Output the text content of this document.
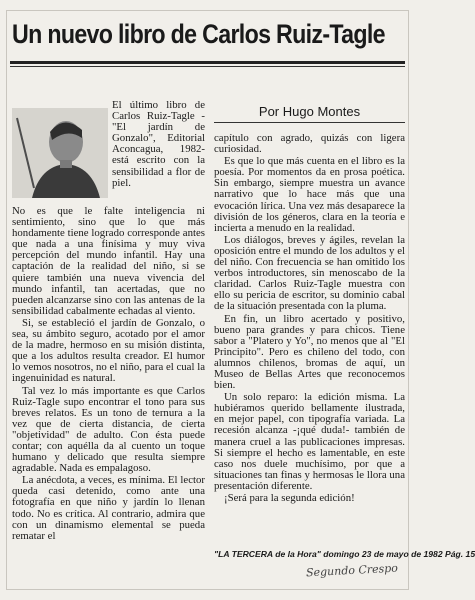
Un nuevo libro de Carlos Ruiz-Tagle

El último libro de Carlos Ruiz-Tagle -"El jardín de Gonzalo", Editorial Aconcagua, 1982- está escrito con la sensibilidad a flor de piel.

No es que le falte inteligencia ni sentimiento, sino que lo que más hondamente tiene logrado corresponde antes que nada a una finísima y muy viva percepción del mundo infantil. Hay una captación de la realidad del niño, si se quiere también una nueva vivencia del mundo infantil, tan acertadas, que no pueden alcanzarse sino con las antenas de la sensibilidad cabalmente echadas al viento.

Si, se estableció el jardín de Gonzalo, o sea, su ámbito seguro, acotado por el amor de la madre, hermoso en su misión distinta, que a los adultos resulta creador. El humor lo vemos nosotros, no el niño, para el cual la ingenuinidad es natural.

Tal vez lo más importante es que Carlos Ruiz-Tagle supo encontrar el tono para sus breves relatos. Es un tono de ternura a la vez que de cierta distancia, de cierta "objetividad" de adulto. Con ésta puede contar; con aquélla da al cuento un toque humano y delicado que resulta siempre agradable. Nada es empalagoso.

La anécdota, a veces, es mínima. El lector queda casi detenido, como ante una fotografía en que niño y jardín lo llenan todo. No es crítica. Al contrario, admira que con un dinamismo elemental se pueda rematar el

Por Hugo Montes

capítulo con agrado, quizás con ligera curiosidad.

Es que lo que más cuenta en el libro es la poesía. Por momentos da en prosa poética. Sin embargo, siempre muestra un avance narrativo que lo hace más que una evocación lírica. Una vez más desaparece la división de los géneros, clara en la teoría e incierta a menudo en la realidad.

Los diálogos, breves y ágiles, revelan la oposición entre el mundo de los adultos y el del niño. Con frecuencia se han omitido los verbos introductores, sin menoscabo de la claridad. Carlos Ruiz-Tagle muestra con ello su pericia de escritor, su dominio cabal de la situación presentada con la pluma.

En fin, un libro acertado y positivo, bueno para grandes y para chicos. Tiene sabor a "Platero y Yo", no menos que al "El Principito". Pero es chileno del todo, con alumnos chilenos, bromas de aquí, un Museo de Bellas Artes que reconocemos bien.

Un solo reparo: la edición misma. La hubiéramos querido bellamente ilustrada, en mejor papel, con tipografía variada. La recesión alcanza -¡qué duda!- también de manera cruel a las publicaciones impresas. Si siempre el hecho es lamentable, en este caso nos duele muchísimo, por que a situaciones tan finas y hermosas le llora una presentación diferente.

¡Será para la segunda edición!

"LA TERCERA de la Hora" domingo 23 de mayo de 1982 Pág. 15
Segundo Crespo
